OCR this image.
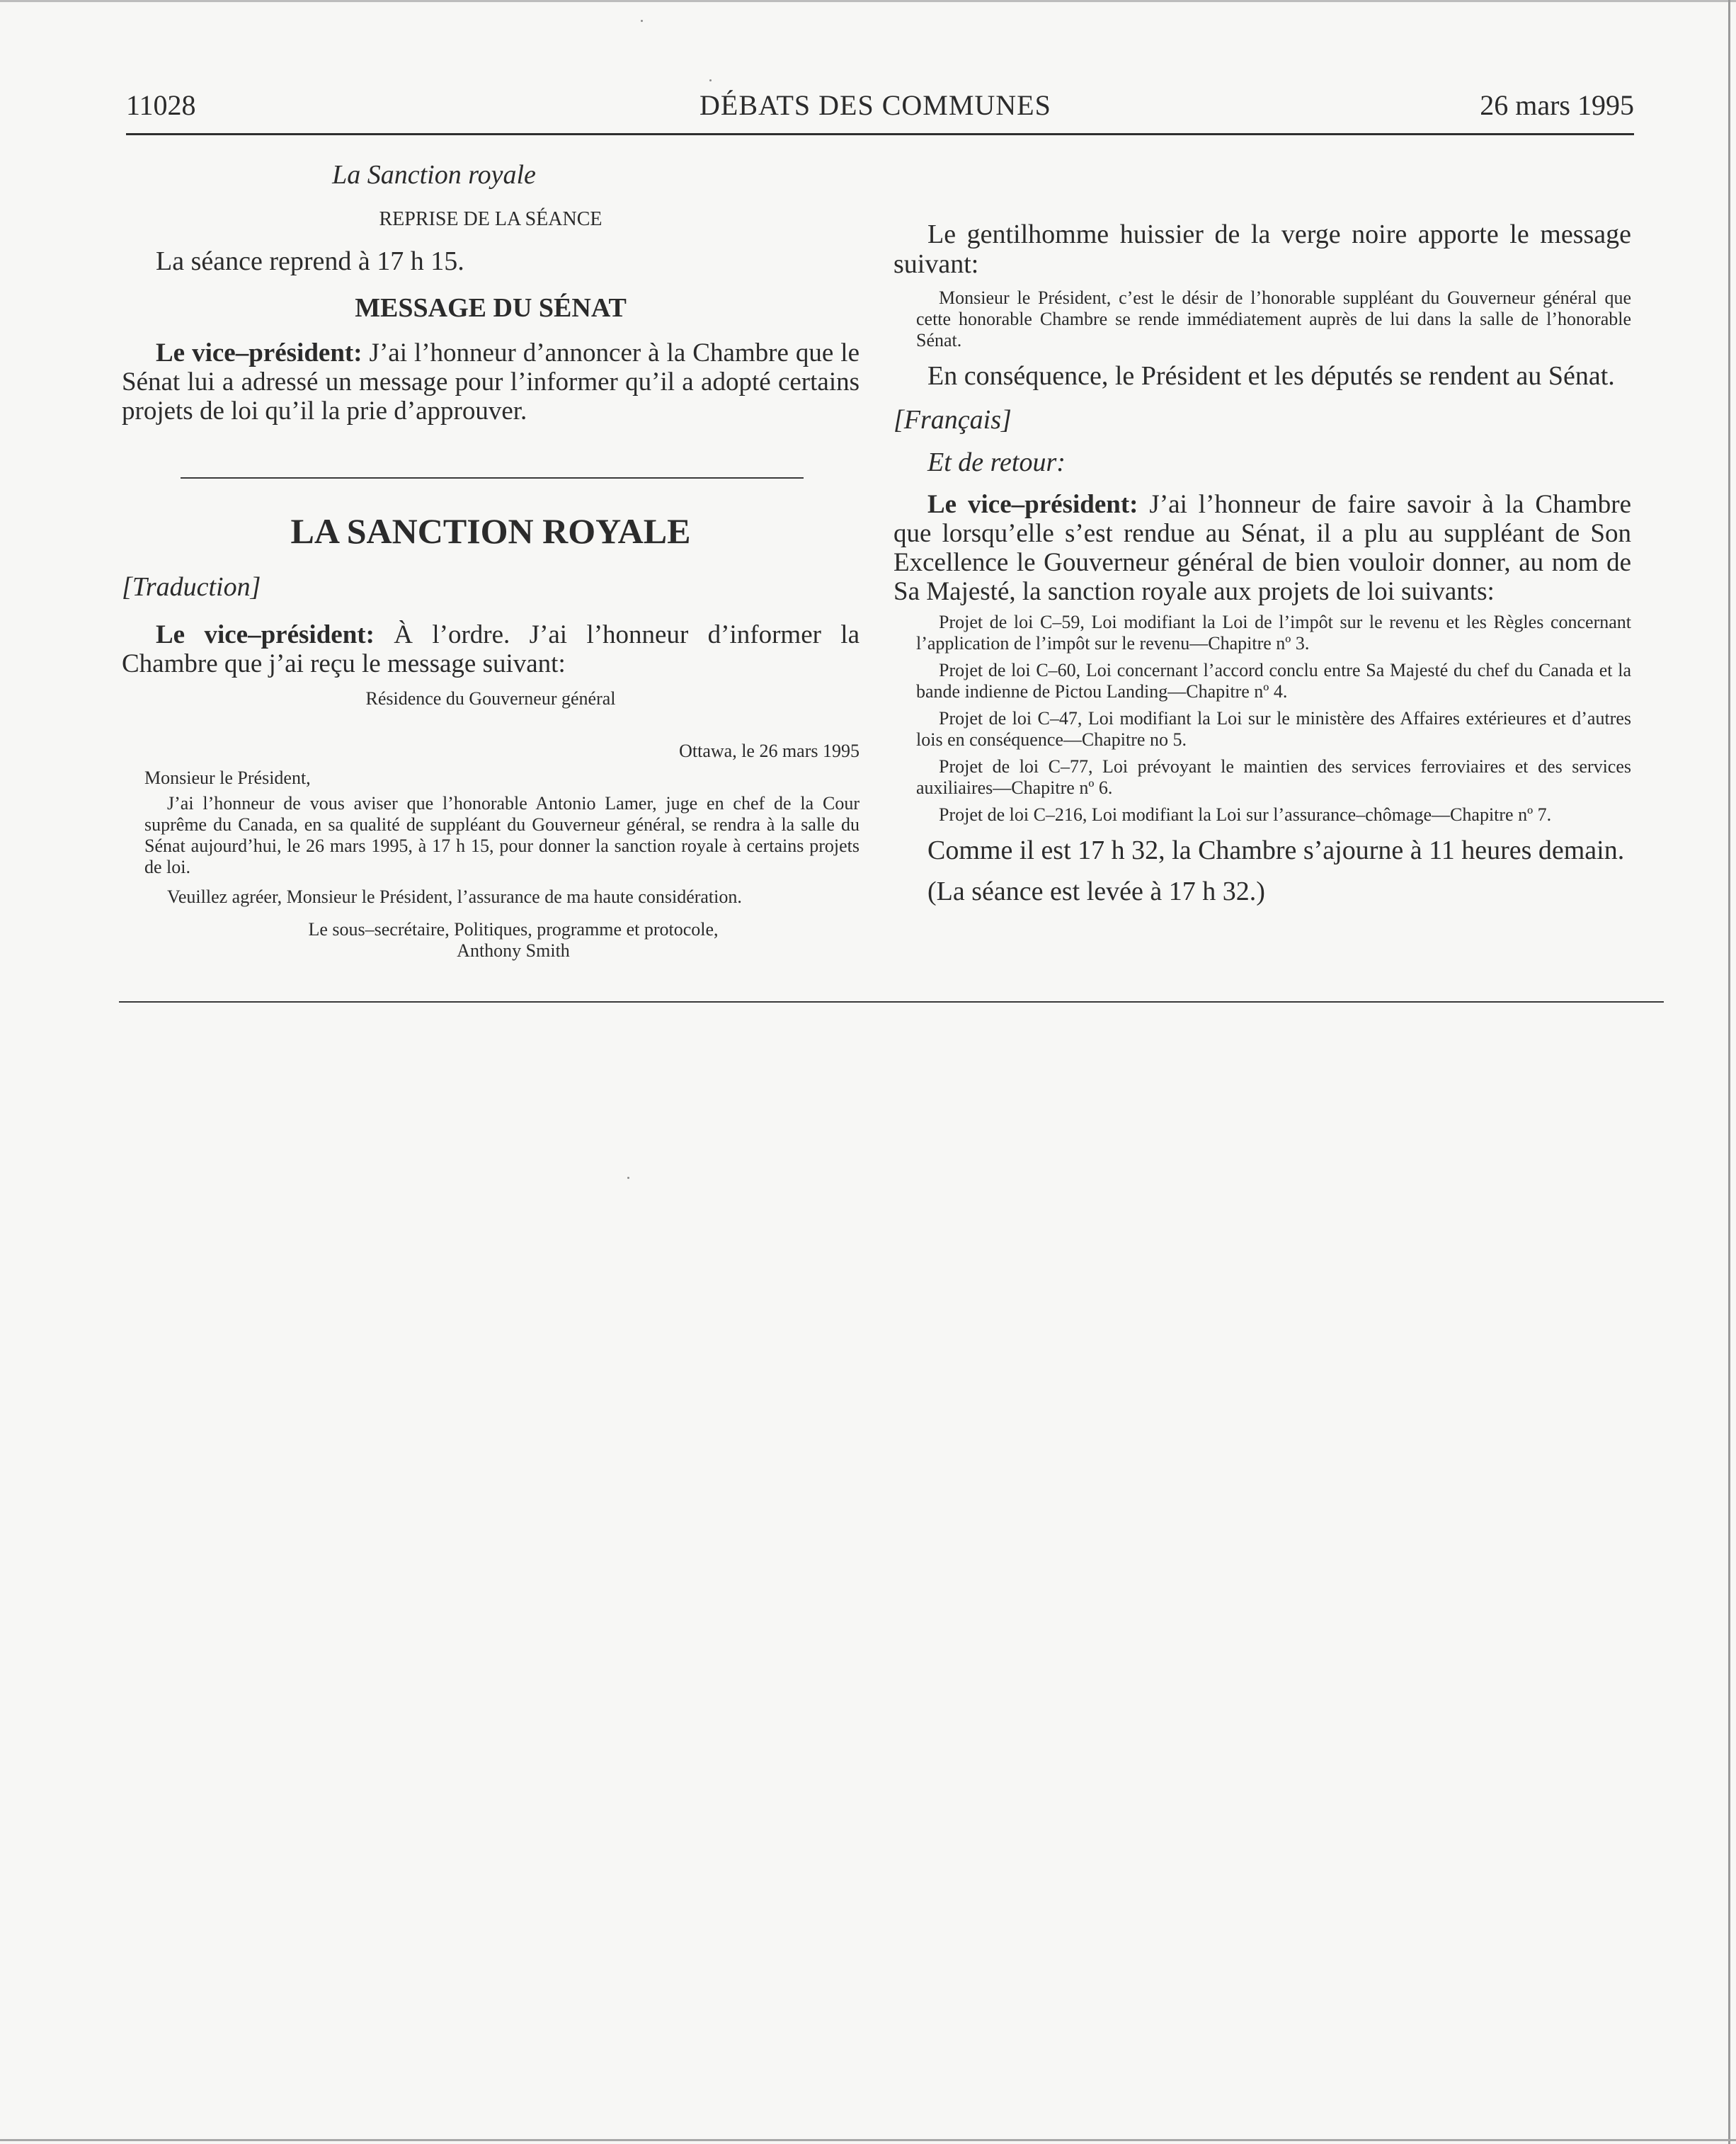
11028	DÉBATS DES COMMUNES	26 mars 1995

La Sanction royale

REPRISE DE LA SÉANCE

La séance reprend à 17 h 15.

MESSAGE DU SÉNAT

Le vice–président: J’ai l’honneur d’annoncer à la Chambre que le Sénat lui a adressé un message pour l’informer qu’il a adopté certains projets de loi qu’il la prie d’approuver.

LA SANCTION ROYALE

[Traduction]

Le vice–président: À l’ordre. J’ai l’honneur d’informer la Chambre que j’ai reçu le message suivant:

Résidence du Gouverneur général

Ottawa, le 26 mars 1995

Monsieur le Président,

J’ai l’honneur de vous aviser que l’honorable Antonio Lamer, juge en chef de la Cour suprême du Canada, en sa qualité de suppléant du Gouverneur général, se rendra à la salle du Sénat aujourd’hui, le 26 mars 1995, à 17 h 15, pour donner la sanction royale à certains projets de loi.

Veuillez agréer, Monsieur le Président, l’assurance de ma haute considération.

Le sous–secrétaire, Politiques, programme et protocole,

Anthony Smith

Le gentilhomme huissier de la verge noire apporte le message suivant:

Monsieur le Président, c’est le désir de l’honorable suppléant du Gouverneur général que cette honorable Chambre se rende immédiatement auprès de lui dans la salle de l’honorable Sénat.

En conséquence, le Président et les députés se rendent au Sénat.

[Français]

Et de retour:

Le vice–président: J’ai l’honneur de faire savoir à la Chambre que lorsqu’elle s’est rendue au Sénat, il a plu au suppléant de Son Excellence le Gouverneur général de bien vouloir donner, au nom de Sa Majesté, la sanction royale aux projets de loi suivants:

Projet de loi C–59, Loi modifiant la Loi de l’impôt sur le revenu et les Règles concernant l’application de l’impôt sur le revenu—Chapitre nº 3.

Projet de loi C–60, Loi concernant l’accord conclu entre Sa Majesté du chef du Canada et la bande indienne de Pictou Landing—Chapitre nº 4.

Projet de loi C–47, Loi modifiant la Loi sur le ministère des Affaires extérieures et d’autres lois en conséquence—Chapitre no 5.

Projet de loi C–77, Loi prévoyant le maintien des services ferroviaires et des services auxiliaires—Chapitre nº 6.

Projet de loi C–216, Loi modifiant la Loi sur l’assurance–chômage—Chapitre nº 7.

Comme il est 17 h 32, la Chambre s’ajourne à 11 heures demain.

(La séance est levée à 17 h 32.)
